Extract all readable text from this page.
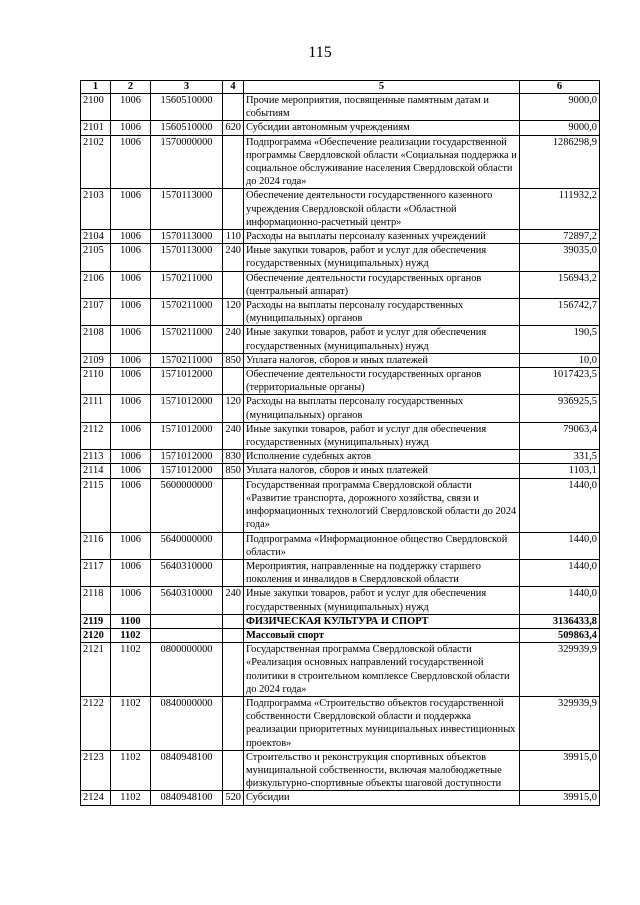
115
1	2	3	4	5	6
2100	1006	1560510000		Прочие мероприятия, посвященные памятным датам и событиям	9000,0
2101	1006	1560510000	620	Субсидии автономным учреждениям	9000,0
2102	1006	1570000000		Подпрограмма «Обеспечение реализации государственной программы Свердловской области «Социальная поддержка и социальное обслуживание населения Свердловской области до 2024 года»	1286298,9
2103	1006	1570113000		Обеспечение деятельности государственного казенного учреждения Свердловской области «Областной информационно-расчетный центр»	111932,2
2104	1006	1570113000	110	Расходы на выплаты персоналу казенных учреждений	72897,2
2105	1006	1570113000	240	Иные закупки товаров, работ и услуг для обеспечения государственных (муниципальных) нужд	39035,0
2106	1006	1570211000		Обеспечение деятельности государственных органов (центральный аппарат)	156943,2
2107	1006	1570211000	120	Расходы на выплаты персоналу государственных (муниципальных) органов	156742,7
2108	1006	1570211000	240	Иные закупки товаров, работ и услуг для обеспечения государственных (муниципальных) нужд	190,5
2109	1006	1570211000	850	Уплата налогов, сборов и иных платежей	10,0
2110	1006	1571012000		Обеспечение деятельности государственных органов (территориальные органы)	1017423,5
2111	1006	1571012000	120	Расходы на выплаты персоналу государственных (муниципальных) органов	936925,5
2112	1006	1571012000	240	Иные закупки товаров, работ и услуг для обеспечения государственных (муниципальных) нужд	79063,4
2113	1006	1571012000	830	Исполнение судебных актов	331,5
2114	1006	1571012000	850	Уплата налогов, сборов и иных платежей	1103,1
2115	1006	5600000000		Государственная программа Свердловской области «Развитие транспорта, дорожного хозяйства, связи и информационных технологий Свердловской области до 2024 года»	1440,0
2116	1006	5640000000		Подпрограмма «Информационное общество Свердловской области»	1440,0
2117	1006	5640310000		Мероприятия, направленные на поддержку старшего поколения и инвалидов в Свердловской области	1440,0
2118	1006	5640310000	240	Иные закупки товаров, работ и услуг для обеспечения государственных (муниципальных) нужд	1440,0
2119	1100			ФИЗИЧЕСКАЯ КУЛЬТУРА И СПОРТ	3136433,8
2120	1102			Массовый спорт	509863,4
2121	1102	0800000000		Государственная программа Свердловской области «Реализация основных направлений государственной политики в строительном комплексе Свердловской области до 2024 года»	329939,9
2122	1102	0840000000		Подпрограмма «Строительство объектов государственной собственности Свердловской области и поддержка реализации приоритетных муниципальных инвестиционных проектов»	329939,9
2123	1102	0840948100		Строительство и реконструкция спортивных объектов муниципальной собственности, включая малобюджетные физкультурно-спортивные объекты шаговой доступности	39915,0
2124	1102	0840948100	520	Субсидии	39915,0
